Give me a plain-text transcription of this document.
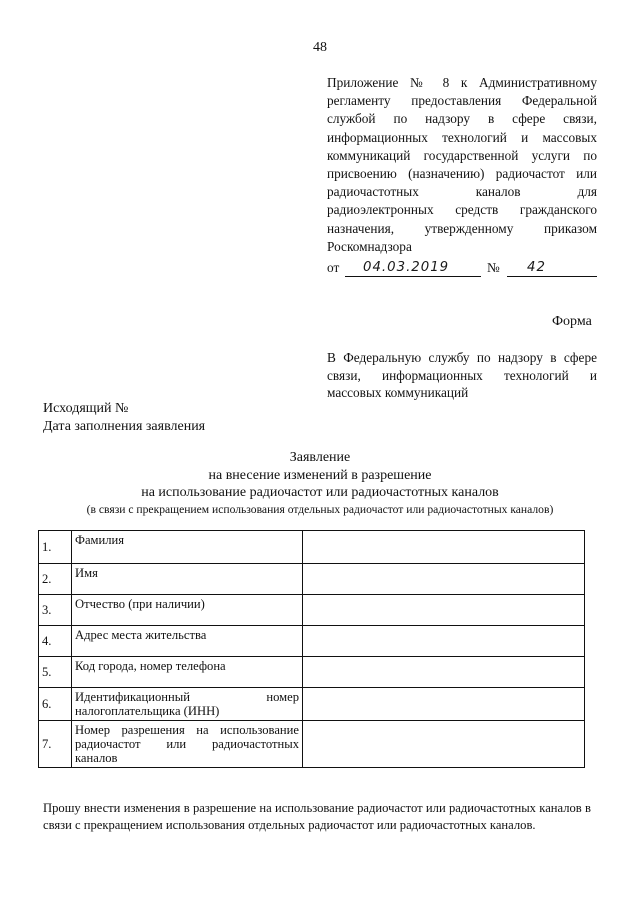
48
Приложение № 8 к Административному регламенту предоставления Федеральной службой по надзору в сфере связи, информационных технологий и массовых коммуникаций государственной услуги по присвоению (назначению) радиочастот или радиочастотных каналов для радиоэлектронных средств гражданского назначения, утвержденному приказом Роскомнадзора
от 04.03.2019	№ 42
Форма
В Федеральную службу по надзору в сфере связи, информационных технологий и массовых коммуникаций
Исходящий №
Дата заполнения заявления
Заявление
на внесение изменений в разрешение
на использование радиочастот или радиочастотных каналов
(в связи с прекращением использования отдельных радиочастот или радиочастотных каналов)
1.	Фамилия	
2.	Имя	
3.	Отчество (при наличии)	
4.	Адрес места жительства	
5.	Код города, номер телефона	
6.	Идентификационный номер налогоплательщика (ИНН)	
7.	Номер разрешения на использование радиочастот или радиочастотных каналов	
Прошу внести изменения в разрешение на использование радиочастот или радиочастотных каналов в связи с прекращением использования отдельных радиочастот или радиочастотных каналов.
